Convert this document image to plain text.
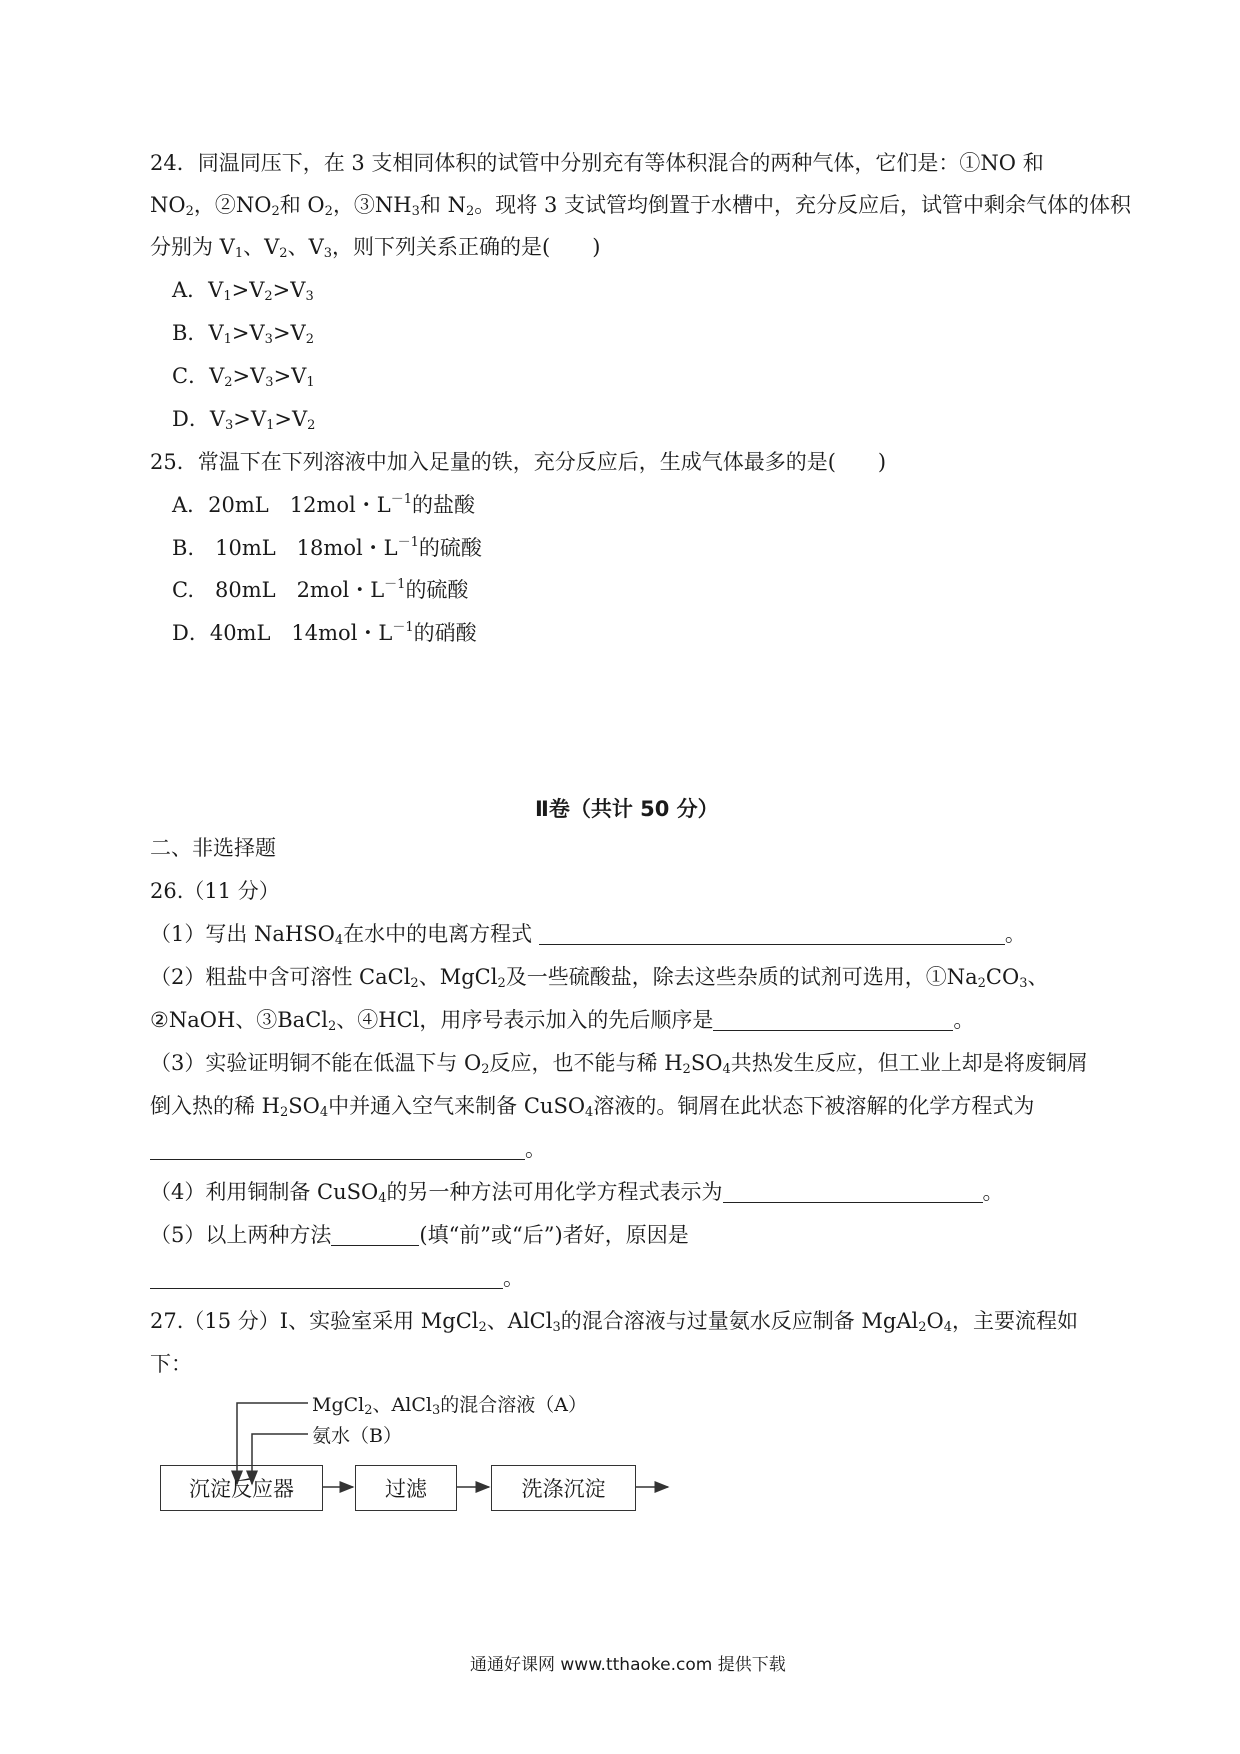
24．同温同压下，在 3 支相同体积的试管中分别充有等体积混合的两种气体，它们是：①NO 和
$NO_2$，$②NO_2$和 $O_2$，$③NH_3$和 $N_2$。现将 3 支试管均倒置于水槽中，充分反应后，试管中剩余气体的体积
分别为 $V_1$、$V_2$、$V_3$，则下列关系正确的是(　　)
A．$V_1>V_2>V_3$
B．$V_1>V_3>V_2$
C．$V_2>V_3>V_1$
D．$V_3>V_1>V_2$
25．常温下在下列溶液中加入足量的铁，充分反应后，生成气体最多的是(　　)
A．20mL　12mol・$L^{-1}$的盐酸
B.　10mL　18mol・$L^{-1}$的硫酸
C.　80mL　2mol・$L^{-1}$的硫酸
D．40mL　14mol・$L^{-1}$的硝酸
Ⅱ卷（共计 50 分）
二、非选择题
26.（11 分）
（1）写出 NaHSO$_4$在水中的电离方程式	。
（2）粗盐中含可溶性 CaCl$_2$、MgCl$_2$及一些硫酸盐，除去这些杂质的试剂可选用，$①Na_2CO_3$、
②NaOH、③BaCl$_2$、④HCl，用序号表示加入的先后顺序是	。
（3）实验证明铜不能在低温下与 $O_2$反应，也不能与稀 $H_2SO_4$共热发生反应，但工业上却是将废铜屑
倒入热的稀 $H_2SO_4$中并通入空气来制备 CuSO$_4$溶液的。铜屑在此状态下被溶解的化学方程式为
。
（4）利用铜制备 CuSO$_4$的另一种方法可用化学方程式表示为	。
（5）以上两种方法	(填“前”或“后”)者好，原因是
。
27.（15 分）Ⅰ、实验室采用 MgCl$_2$、AlCl$_3$的混合溶液与过量氨水反应制备 $MgAl_2O_4$，主要流程如
下：
MgCl$_2$、AlCl$_3$的混合溶液（A）
氨水（B）
沉淀反应器	过滤	洗涤沉淀
通通好课网 www.tthaoke.com 提供下载
